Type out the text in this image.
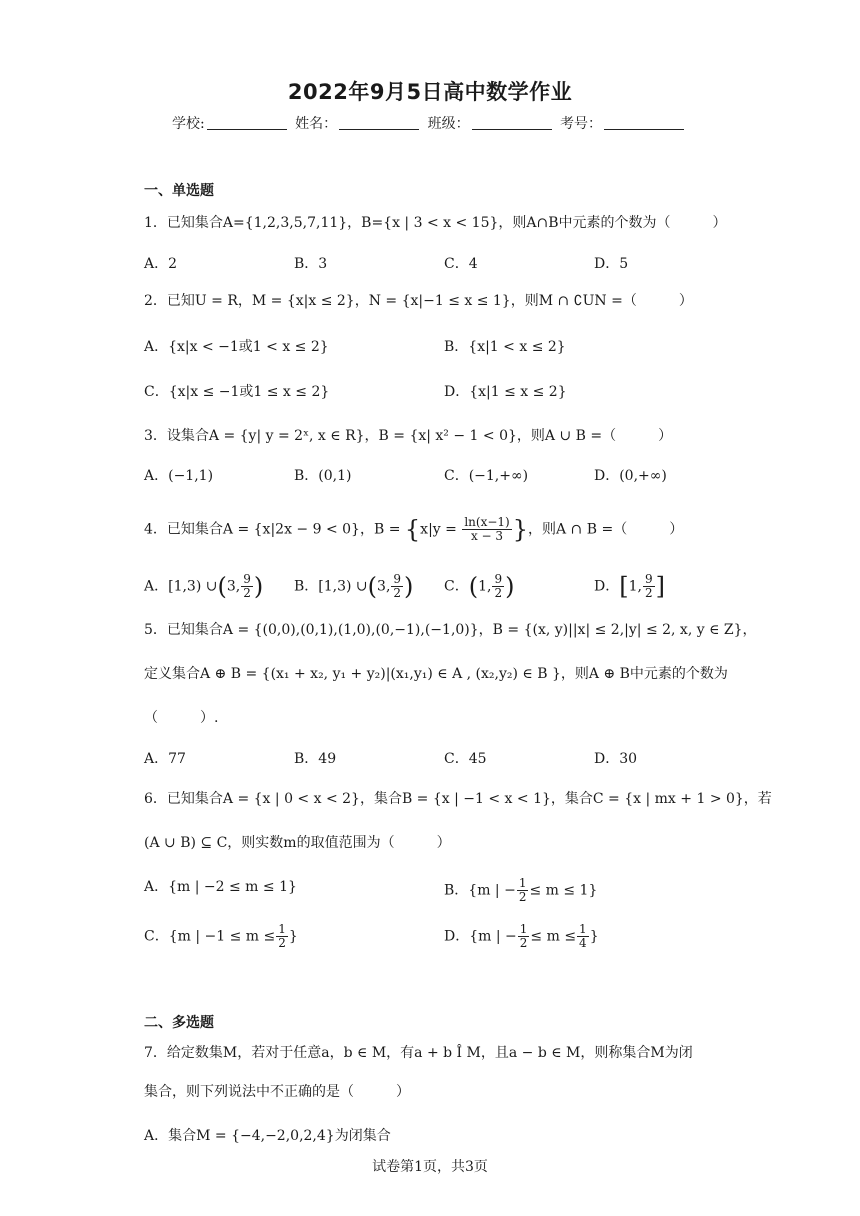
2022年9月5日高中数学作业
学校:	姓名：	班级：	考号：
一、单选题
1．已知集合A={1,2,3,5,7,11}，B={x | 3 < x < 15}，则A∩B中元素的个数为（　　　）
A．2	B．3	C．4	D．5
2．已知U = R，M = {x|x ≤ 2}，N = {x|−1 ≤ x ≤ 1}，则M ∩ ∁UN =（　　　）
A．{x|x < −1或1 < x ≤ 2}	B．{x|1 < x ≤ 2}
C．{x|x ≤ −1或1 ≤ x ≤ 2}	D．{x|1 ≤ x ≤ 2}
3．设集合A = {y| y = 2ˣ, x ∈ R}，B = {x| x² − 1 < 0}，则A ∪ B =（　　　）
A．(−1,1)	B．(0,1)	C．(−1,+∞)	D．(0,+∞)
4．已知集合A = {x|2x − 9 < 0}，$B = \{x|y = \frac{\ln(x-1)}{x - 3}$ }，则A ∩ B =（　　　）
A．[1,3) ∪(3, $\frac{9}{2}$ ) B．[1,3) ∪(3, $\frac{9}{2}$ ) C．(1, $\frac{9}{2}$ )	D．[1, $\frac{9}{2}$ ]
5．已知集合A = {(0,0),(0,1),(1,0),(0,−1),(−1,0)}，B = {(x, y)||x| ≤ 2,|y| ≤ 2, x, y ∈ Z}，
定义集合A ⊕ B = {(x₁ + x₂, y₁ + y₂)|(x₁,y₁) ∈ A , (x₂,y₂) ∈ B }，则A ⊕ B中元素的个数为
（　　　）.
A．77	B．49	C．45	D．30
6．已知集合A = {x | 0 < x < 2}，集合B = {x | −1 < x < 1}，集合C = {x | mx + 1 > 0}，若
(A ∪ B) ⊆ C，则实数m的取值范围为（　　　）
A．{m | −2 ≤ m ≤ 1}	B．{m | − $\frac{1}{2} \le m \le 1$}
C．{m | $-1 \le m \le \frac{1}{2}$ }	D．{m | − $\frac{1}{2} \le m \le \frac{1}{4}$ }
二、多选题
7．给定数集M，若对于任意a，b ∈ M，有a + b Î M，且a − b ∈ M，则称集合M为闭
集合，则下列说法中不正确的是（　　　）
A．集合M = {−4,−2,0,2,4}为闭集合
试卷第1页，共3页
